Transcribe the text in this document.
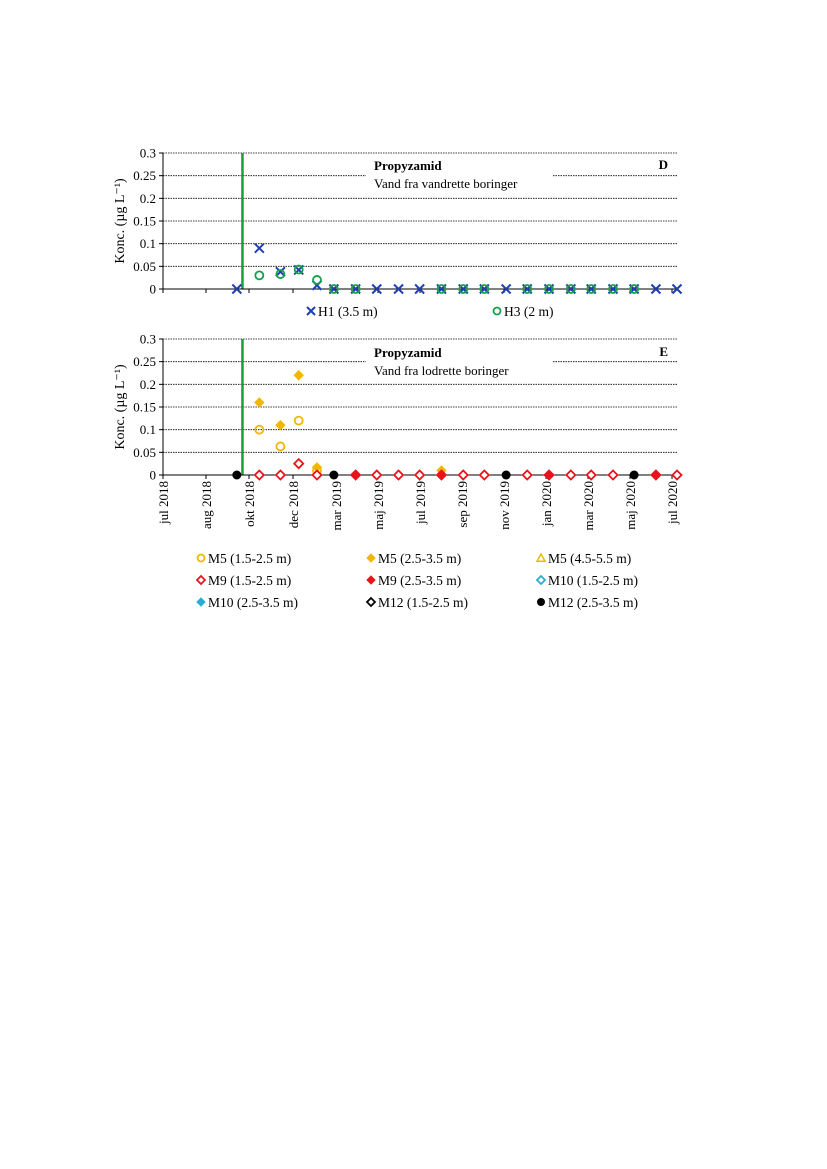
0.3
0.25
0.2
0.15
0.1
0.05
0
Konc. (µg L⁻¹)
Propyzamid
Vand fra vandrette boringer
D
H1 (3.5 m)	H3 (2 m)
0.3
0.25
0.2
0.15
0.1
0.05
0
Konc. (µg L⁻¹)
Propyzamid
Vand fra lodrette boringer
E
jul 2018 aug 2018 okt 2018 dec 2018 mar 2019 maj 2019 jul 2019 sep 2019 nov 2019 jan 2020 mar 2020 maj 2020 jul 2020
M5 (1.5-2.5 m)	M5 (2.5-3.5 m)	M5 (4.5-5.5 m)
M9 (1.5-2.5 m)	M9 (2.5-3.5 m)	M10 (1.5-2.5 m)
M10 (2.5-3.5 m)	M12 (1.5-2.5 m)	M12 (2.5-3.5 m)
